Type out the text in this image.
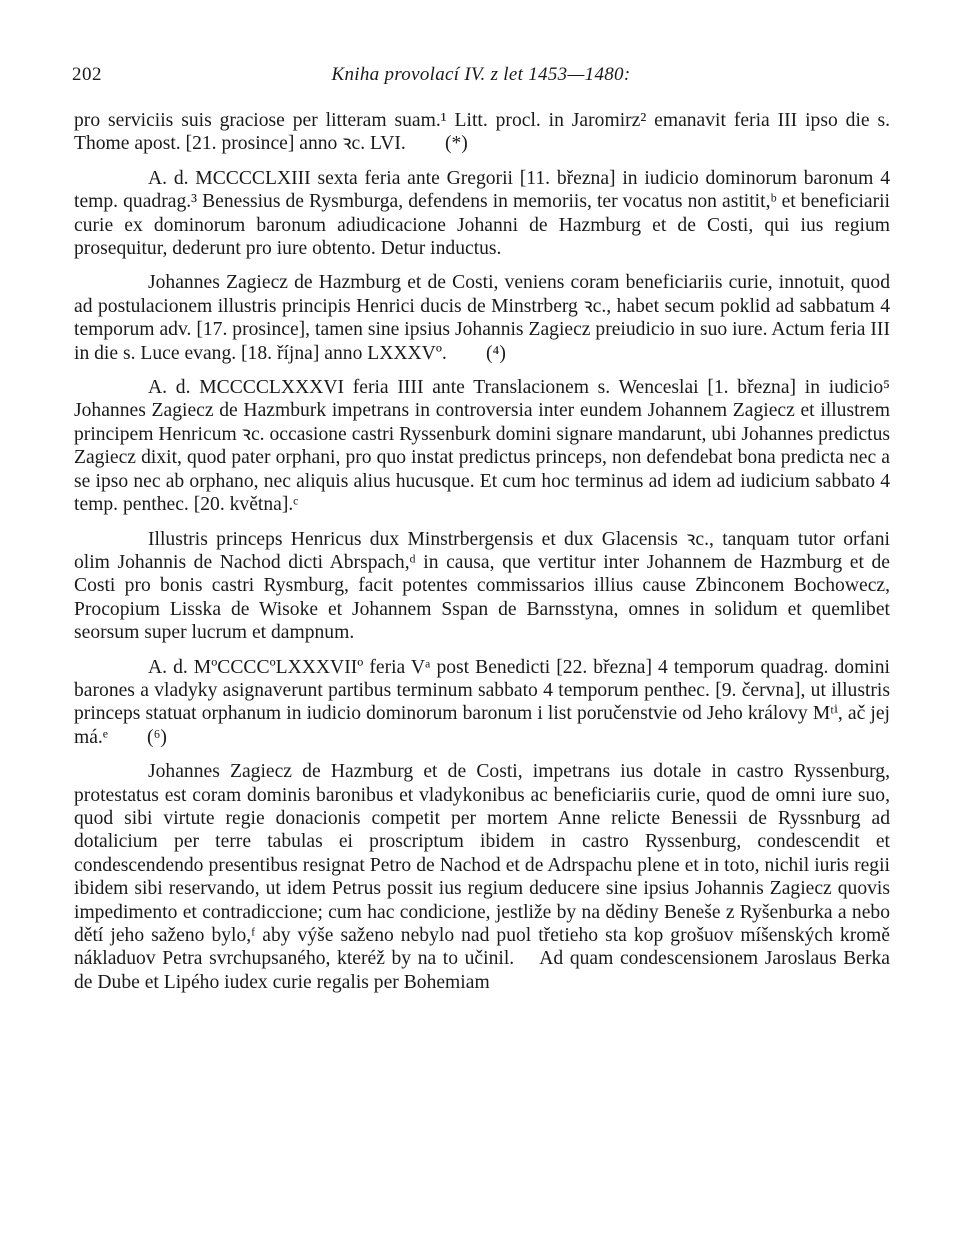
202	Kniha provolací IV. z let 1453—1480:

pro serviciis suis graciose per litteram suam.¹ Litt. procl. in Jaromirz² emanavit feria III ipso die s. Thome apost. [21. prosince] anno ꝛc. LVI.  (*)

A. d. MCCCCLXIII sexta feria ante Gregorii [11. března] in iudicio dominorum baronum 4 temp. quadrag.³ Benessius de Rysmburga, defendens in memoriis, ter vocatus non astitit,ᵇ et beneficiarii curie ex dominorum baronum adiudicacione Johanni de Hazmburg et de Costi, qui ius regium prosequitur, dederunt pro iure obtento. Detur inductus.

Johannes Zagiecz de Hazmburg et de Costi, veniens coram beneficiariis curie, innotuit, quod ad postulacionem illustris principis Henrici ducis de Minstrberg ꝛc., habet secum poklid ad sabbatum 4 temporum adv. [17. prosince], tamen sine ipsius Johannis Zagiecz preiudicio in suo iure. Actum feria III in die s. Luce evang. [18. října] anno LXXXVº.  (⁴)

A. d. MCCCCLXXXVI feria IIII ante Translacionem s. Wenceslai [1. března] in iudicio⁵ Johannes Zagiecz de Hazmburk impetrans in controversia inter eundem Johannem Zagiecz et illustrem principem Henricum ꝛc. occasione castri Ryssenburk domini signare mandarunt, ubi Johannes predictus Zagiecz dixit, quod pater orphani, pro quo instat predictus princeps, non defendebat bona predicta nec a se ipso nec ab orphano, nec aliquis alius hucusque. Et cum hoc terminus ad idem ad iudicium sabbato 4 temp. penthec. [20. května].ᶜ

Illustris princeps Henricus dux Minstrbergensis et dux Glacensis ꝛc., tanquam tutor orfani olim Johannis de Nachod dicti Abrspach,ᵈ in causa, que vertitur inter Johannem de Hazmburg et de Costi pro bonis castri Rysmburg, facit potentes commissarios illius cause Zbinconem Bochowecz, Procopium Lisska de Wisoke et Johannem Sspan de Barnsstyna, omnes in solidum et quemlibet seorsum super lucrum et dampnum.

A. d. MºCCCCºLXXXVIIº feria Vᵃ post Benedicti [22. března] 4 temporum quadrag. domini barones a vladyky asignaverunt partibus terminum sabbato 4 temporum penthec. [9. června], ut illustris princeps statuat orphanum in iudicio dominorum baronum i list poručenstvie od Jeho královy Mᵗⁱ, ač jej má.ᵉ  (⁶)

Johannes Zagiecz de Hazmburg et de Costi, impetrans ius dotale in castro Ryssenburg, protestatus est coram dominis baronibus et vladykonibus ac beneficiariis curie, quod de omni iure suo, quod sibi virtute regie donacionis competit per mortem Anne relicte Benessii de Ryssnburg ad dotalicium per terre tabulas ei proscriptum ibidem in castro Ryssenburg, condescendit et condescendendo presentibus resignat Petro de Nachod et de Adrspachu plene et in toto, nichil iuris regii ibidem sibi reservando, ut idem Petrus possit ius regium deducere sine ipsius Johannis Zagiecz quovis impedimento et contradiccione; cum hac condicione, jestliže by na dědiny Beneše z Ryšenburka a nebo dětí jeho saženo bylo,ᶠ aby výše saženo nebylo nad puol třetieho sta kop grošuov míšenských kromě nákladuov Petra svrchupsaného, kteréž by na to učinil.  Ad quam condescensionem Jaroslaus Berka de Dube et Lipého iudex curie regalis per Bohemiam
